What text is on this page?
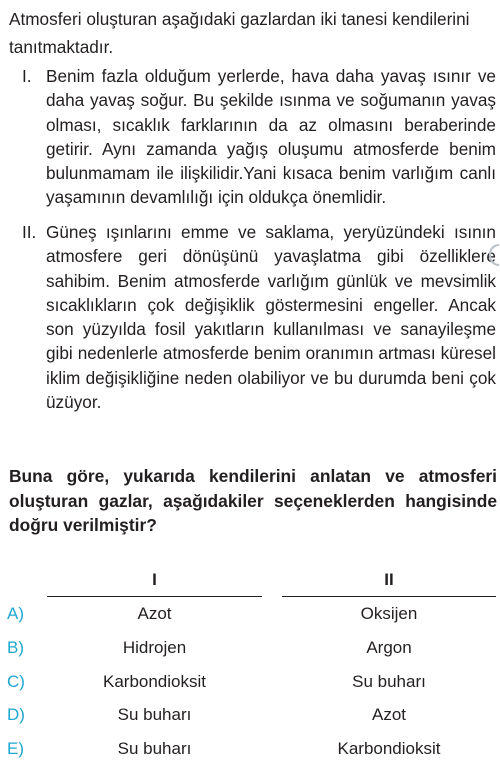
Atmosferi oluşturan aşağıdaki gazlardan iki tanesi kendilerini tanıtmaktadır.

I. Benim fazla olduğum yerlerde, hava daha yavaş ısınır ve daha yavaş soğur. Bu şekilde ısınma ve soğumanın yavaş olması, sıcaklık farklarının da az olmasını beraberinde getirir. Aynı zamanda yağış oluşumu atmosferde benim bulunmamam ile ilişkilidir.Yani kısaca benim varlığım canlı yaşamının devamlılığı için oldukça önemlidir.
II. Güneş ışınlarını emme ve saklama, yeryüzündeki ısının atmosfere geri dönüşünü yavaşlatma gibi özelliklere sahibim. Benim atmosferde varlığım günlük ve mevsimlik sıcaklıkların çok değişiklik göstermesini engeller. Ancak son yüzyılda fosil yakıtların kullanılması ve sanayileşme gibi nedenlerle atmosferde benim oranımın artması küresel iklim değişikliğine neden olabiliyor ve bu durumda beni çok üzüyor.
Buna göre, yukarıda kendilerini anlatan ve atmosferi oluşturan gazlar, aşağıdakiler seçeneklerden hangisinde doğru verilmiştir?
I	II
A)	Azot	Oksijen
B)	Hidrojen	Argon
C)	Karbondioksit	Su buharı
D)	Su buharı	Azot
E)	Su buharı	Karbondioksit
